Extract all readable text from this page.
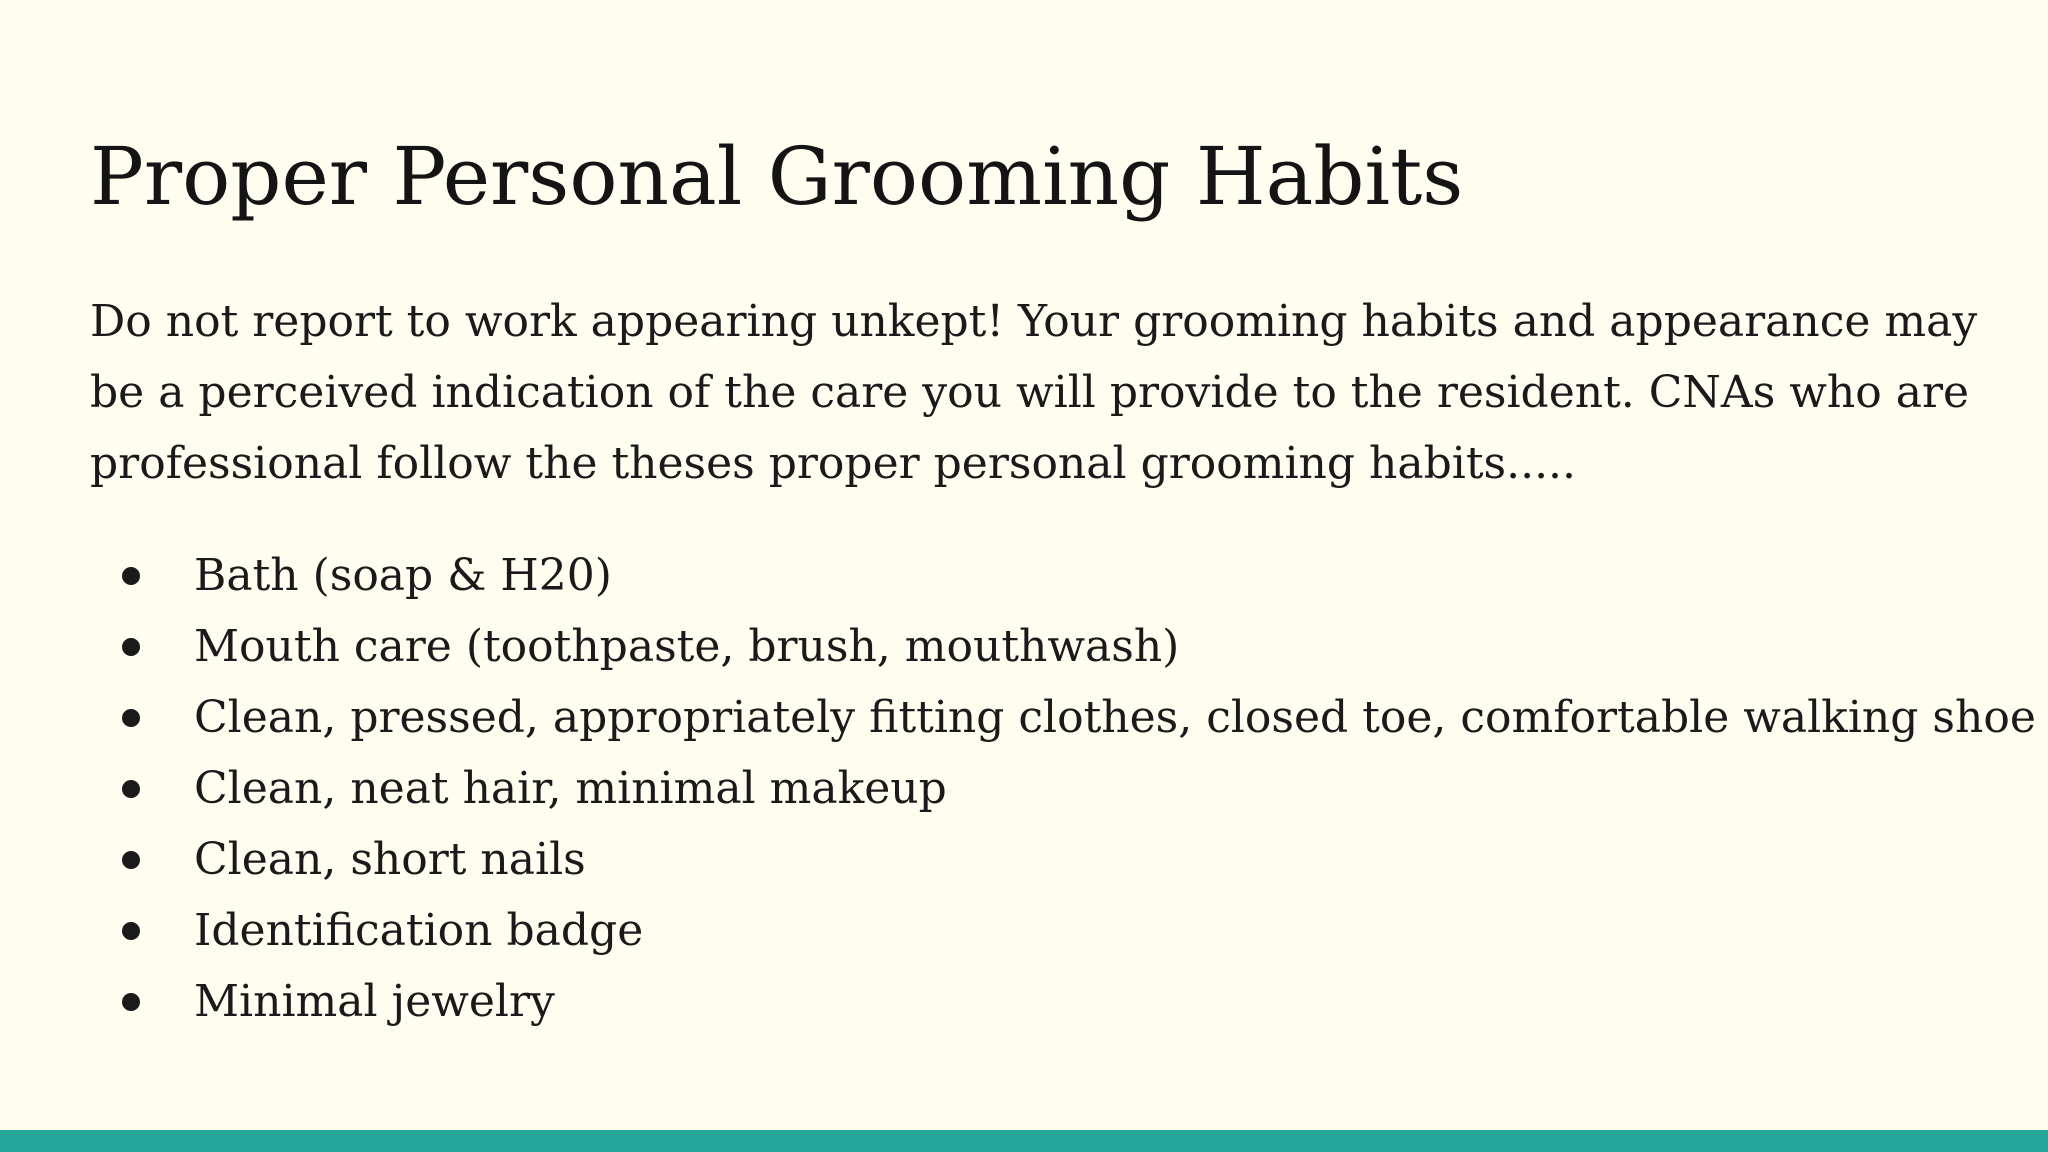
Proper Personal Grooming Habits

Do not report to work appearing unkept! Your grooming habits and appearance may be a perceived indication of the care you will provide to the resident. CNAs who are professional follow the theses proper personal grooming habits.....

Bath (soap & H20)
Mouth care (toothpaste, brush, mouthwash)
Clean, pressed, appropriately fitting clothes, closed toe, comfortable walking shoe
Clean, neat hair, minimal makeup
Clean, short nails
Identification badge
Minimal jewelry
